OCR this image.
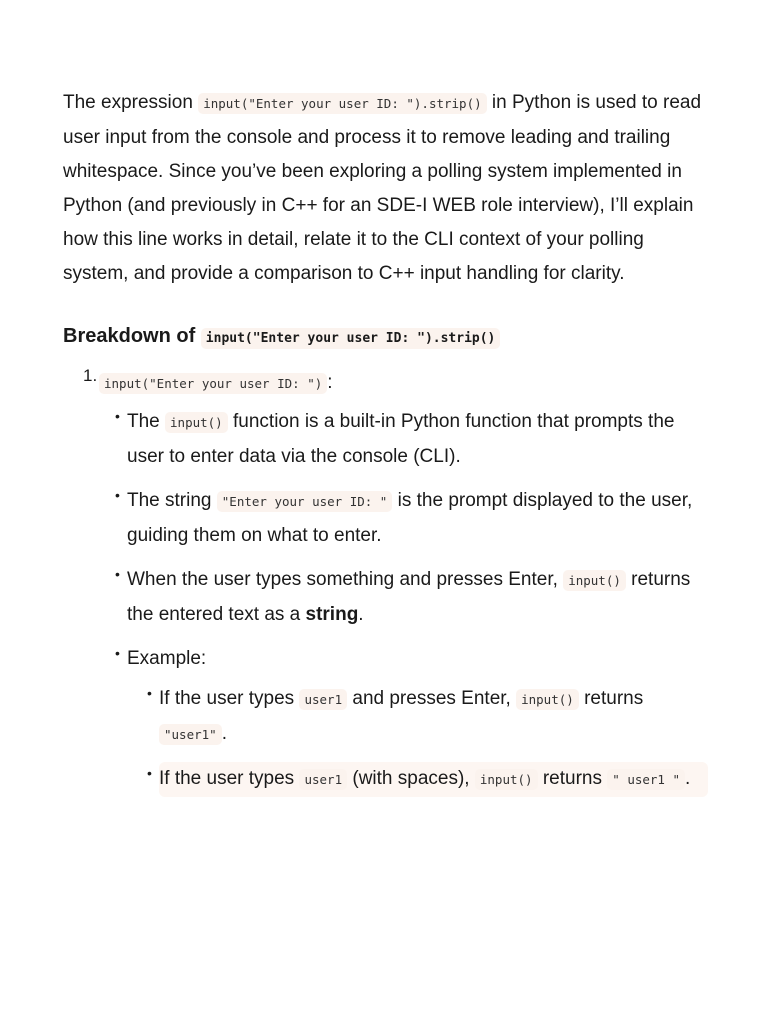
The expression input("Enter your user ID: ").strip() in Python is used to read user input from the console and process it to remove leading and trailing whitespace. Since you’ve been exploring a polling system implemented in Python (and previously in C++ for an SDE-I WEB role interview), I’ll explain how this line works in detail, relate it to the CLI context of your polling system, and provide a comparison to C++ input handling for clarity.

Breakdown of input("Enter your user ID: ").strip()
1. input("Enter your user ID: ") :
• The input() function is a built-in Python function that prompts the user to enter data via the console (CLI).
• The string "Enter your user ID: " is the prompt displayed to the user, guiding them on what to enter.
• When the user types something and presses Enter, input() returns the entered text as a string.
• Example:
• If the user types user1 and presses Enter, input() returns "user1" .
• If the user types user1 (with spaces), input() returns " user1 " .
